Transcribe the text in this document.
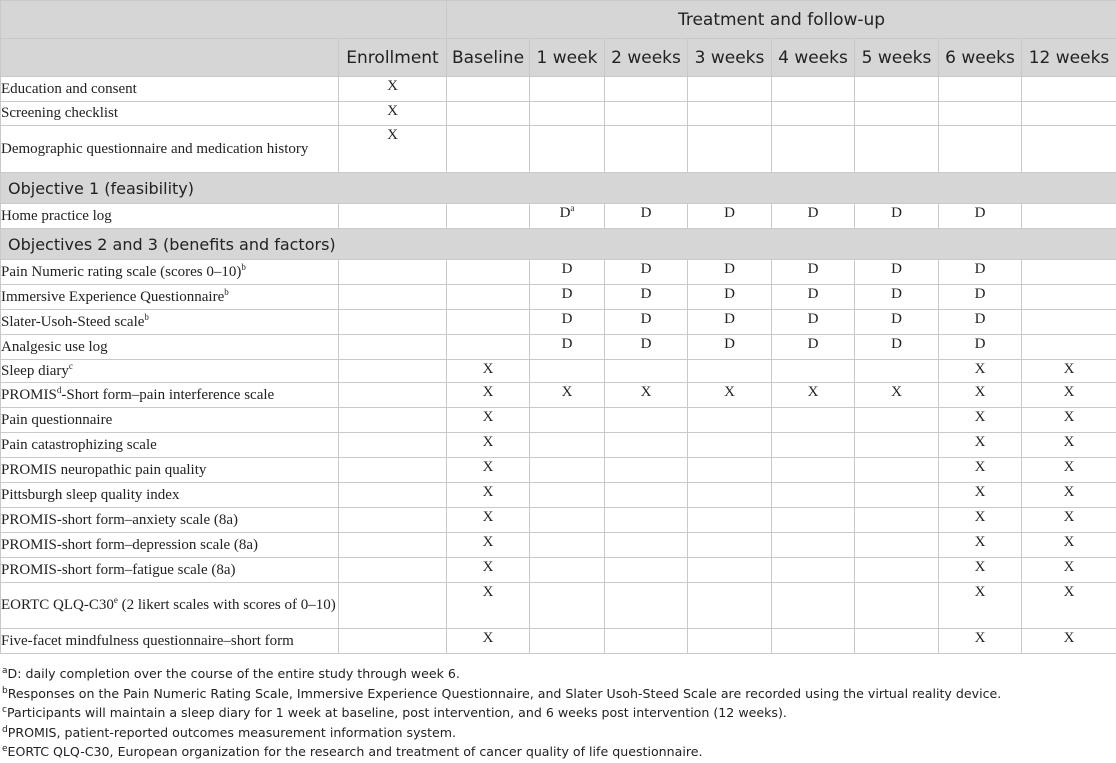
		Treatment and follow-up							
	Enrollment	Baseline	1 week	2 weeks	3 weeks	4 weeks	5 weeks	6 weeks	12 weeks
Education and consent	X								
Screening checklist	X								
Demographic questionnaire and medication history	X								
Objective 1 (feasibility)									
Home practice log			$D^a$	D	D	D	D	D	
Objectives 2 and 3 (benefits and factors)									
Pain Numeric rating scale (scores 0–10)$^b$			D	D	D	D	D	D	
Immersive Experience Questionnaire$^b$			D	D	D	D	D	D	
Slater-Usoh-Steed scale$^b$			D	D	D	D	D	D	
Analgesic use log			D	D	D	D	D	D	
Sleep diary$^c$		X						X	X
PROMIS$^d$-Short form–pain interference scale		X	X	X	X	X	X	X	X
Pain questionnaire		X						X	X
Pain catastrophizing scale		X						X	X
PROMIS neuropathic pain quality		X						X	X
Pittsburgh sleep quality index		X						X	X
PROMIS-short form–anxiety scale (8a)		X						X	X
PROMIS-short form–depression scale (8a)		X						X	X
PROMIS-short form–fatigue scale (8a)		X						X	X
EORTC QLQ-C30e (2 likert scales with scores of 0–10)		X						X	X
Five-facet mindfulness questionnaire–short form		X						X	X
$^a$D: daily completion over the course of the entire study through week 6.
$^b$Responses on the Pain Numeric Rating Scale, Immersive Experience Questionnaire, and Slater Usoh-Steed Scale are recorded using the virtual reality device.
$^c$Participants will maintain a sleep diary for 1 week at baseline, post intervention, and 6 weeks post intervention (12 weeks).
$^d$PROMIS, patient-reported outcomes measurement information system.
$^e$EORTC QLQ-C30, European organization for the research and treatment of cancer quality of life questionnaire.
